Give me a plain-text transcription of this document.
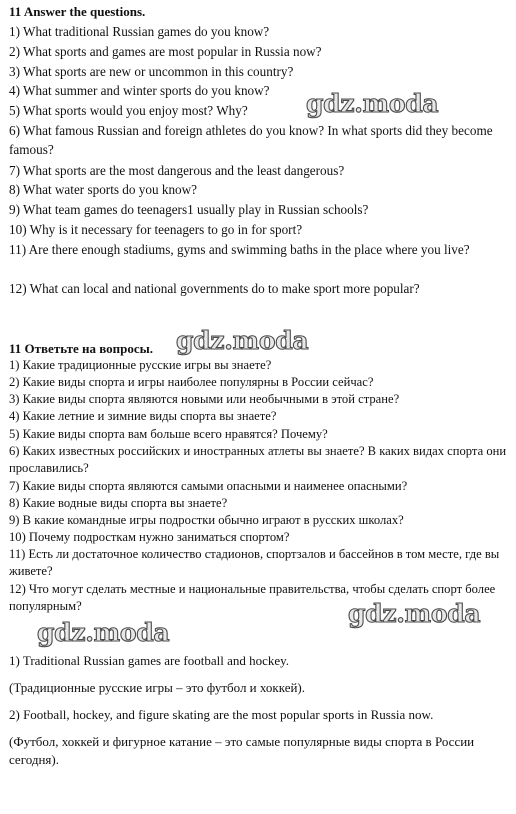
11 Answer the questions.
1) What traditional Russian games do you know?
2) What sports and games are most popular in Russia now?
3) What sports are new or uncommon in this country?
4) What summer and winter sports do you know?
5) What sports would you enjoy most? Why?
6) What famous Russian and foreign athletes do you know? In what sports did they become famous?
7) What sports are the most dangerous and the least dangerous?
8) What water sports do you know?
9) What team games do teenagers1 usually play in Russian schools?
10) Why is it necessary for teenagers to go in for sport?
11) Are there enough stadiums, gyms and swimming baths in the place where you live?
12) What can local and national governments do to make sport more popular?
11 Ответьте на вопросы.
1) Какие традиционные русские игры вы знаете?
2) Какие виды спорта и игры наиболее популярны в России сейчас?
3) Какие виды спорта являются новыми или необычными в этой стране?
4) Какие летние и зимние виды спорта вы знаете?
5) Какие виды спорта вам больше всего нравятся? Почему?
6) Каких известных российских и иностранных атлеты вы знаете? В каких видах спорта они прославились?
7) Какие виды спорта являются самыми опасными и наименее опасными?
8) Какие водные виды спорта вы знаете?
9) В какие командные игры подростки обычно играют в русских школах?
10) Почему подросткам нужно заниматься спортом?
11) Есть ли достаточное количество стадионов, спортзалов и бассейнов в том месте, где вы живете?
12) Что могут сделать местные и национальные правительства, чтобы сделать спорт более популярным?
1) Traditional Russian games are football and hockey.
(Традиционные русские игры – это футбол и хоккей).
2) Football, hockey, and figure skating are the most popular sports in Russia now.
(Футбол, хоккей и фигурное катание – это самые популярные виды спорта в России сегодня).
gdz.moda
gdz.moda
gdz.moda
gdz.moda
